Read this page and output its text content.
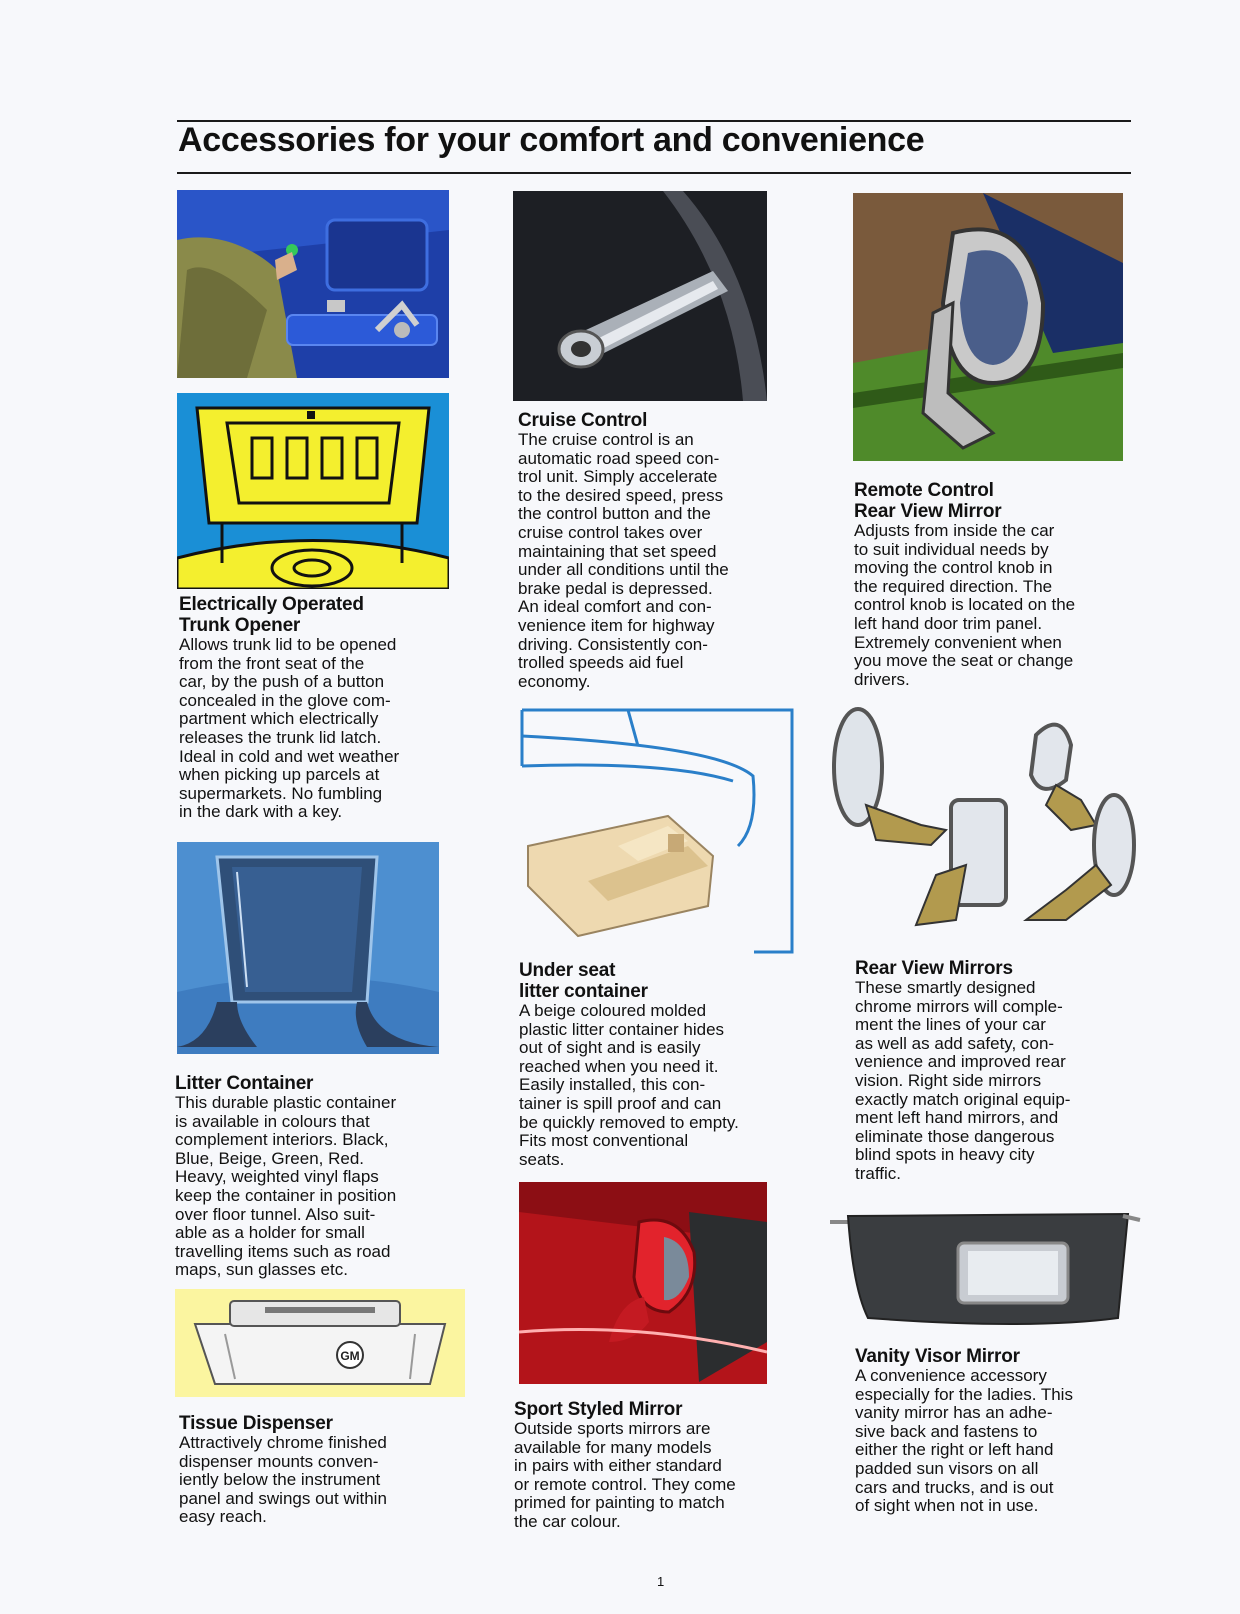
Accessories for your comfort and convenience
Electrically Operated
Trunk Opener

Allows trunk lid to be opened
from the front seat of the
car, by the push of a button
concealed in the glove com-
partment which electrically
releases the trunk lid latch.
Ideal in cold and wet weather
when picking up parcels at
supermarkets. No fumbling
in the dark with a key.

Litter Container

This durable plastic container
is available in colours that
complement interiors. Black,
Blue, Beige, Green, Red.
Heavy, weighted vinyl flaps
keep the container in position
over floor tunnel. Also suit-
able as a holder for small
travelling items such as road
maps, sun glasses etc.

GM
Tissue Dispenser

Attractively chrome finished
dispenser mounts conven-
iently below the instrument
panel and swings out within
easy reach.

Cruise Control

The cruise control is an
automatic road speed con-
trol unit. Simply accelerate
to the desired speed, press
the control button and the
cruise control takes over
maintaining that set speed
under all conditions until the
brake pedal is depressed.
An ideal comfort and con-
venience item for highway
driving. Consistently con-
trolled speeds aid fuel
economy.

Under seat
litter container

A beige coloured molded
plastic litter container hides
out of sight and is easily
reached when you need it.
Easily installed, this con-
tainer is spill proof and can
be quickly removed to empty.
Fits most conventional
seats.

Sport Styled Mirror

Outside sports mirrors are
available for many models
in pairs with either standard
or remote control. They come
primed for painting to match
the car colour.

Remote Control
Rear View Mirror

Adjusts from inside the car
to suit individual needs by
moving the control knob in
the required direction. The
control knob is located on the
left hand door trim panel.
Extremely convenient when
you move the seat or change
drivers.

Rear View Mirrors

These smartly designed
chrome mirrors will comple-
ment the lines of your car
as well as add safety, con-
venience and improved rear
vision. Right side mirrors
exactly match original equip-
ment left hand mirrors, and
eliminate those dangerous
blind spots in heavy city
traffic.

Vanity Visor Mirror

A convenience accessory
especially for the ladies. This
vanity mirror has an adhe-
sive back and fastens to
either the right or left hand
padded sun visors on all
cars and trucks, and is out
of sight when not in use.

1
